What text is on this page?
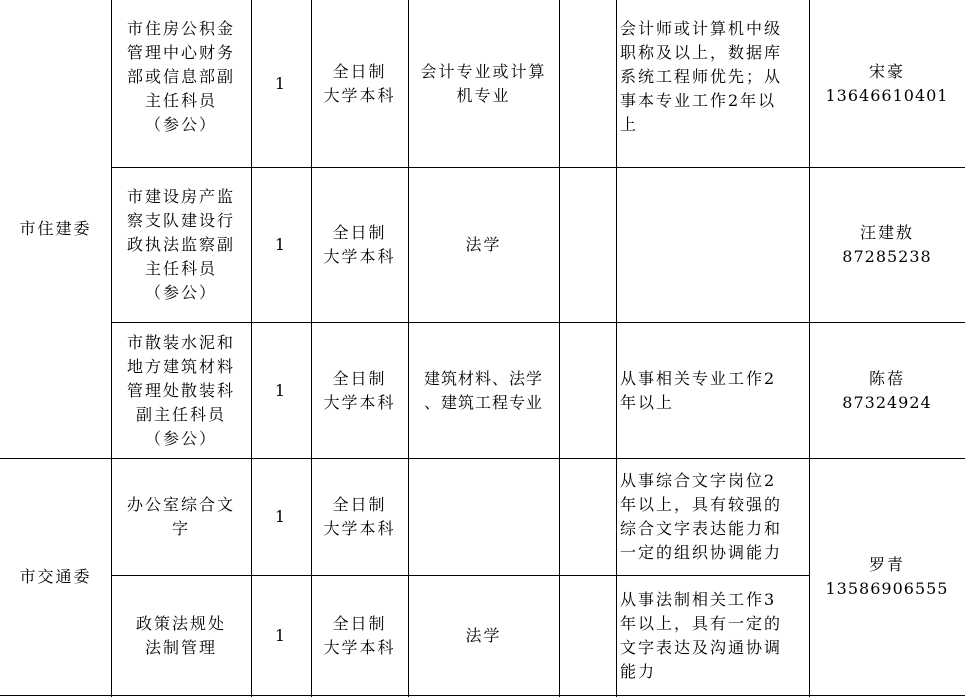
市住建委
市交通委
市住房公积金
管理中心财务
部或信息部副
主任科员
（参公）
1
全日制
大学本科
会计专业或计算
机专业
会计师或计算机中级
职称及以上，数据库
系统工程师优先；从
事本专业工作2年以
上
宋豪
13646610401
市建设房产监
察支队建设行
政执法监察副
主任科员
（参公）
1
全日制
大学本科
法学
汪建敖
87285238
市散装水泥和
地方建筑材料
管理处散装科
副主任科员
（参公）
1
全日制
大学本科
建筑材料、法学
、建筑工程专业
从事相关专业工作2
年以上
陈蓓
87324924
办公室综合文
字
1
全日制
大学本科
从事综合文字岗位2
年以上，具有较强的
综合文字表达能力和
一定的组织协调能力
政策法规处
法制管理
1
全日制
大学本科
法学
从事法制相关工作3
年以上，具有一定的
文字表达及沟通协调
能力
罗青
13586906555
